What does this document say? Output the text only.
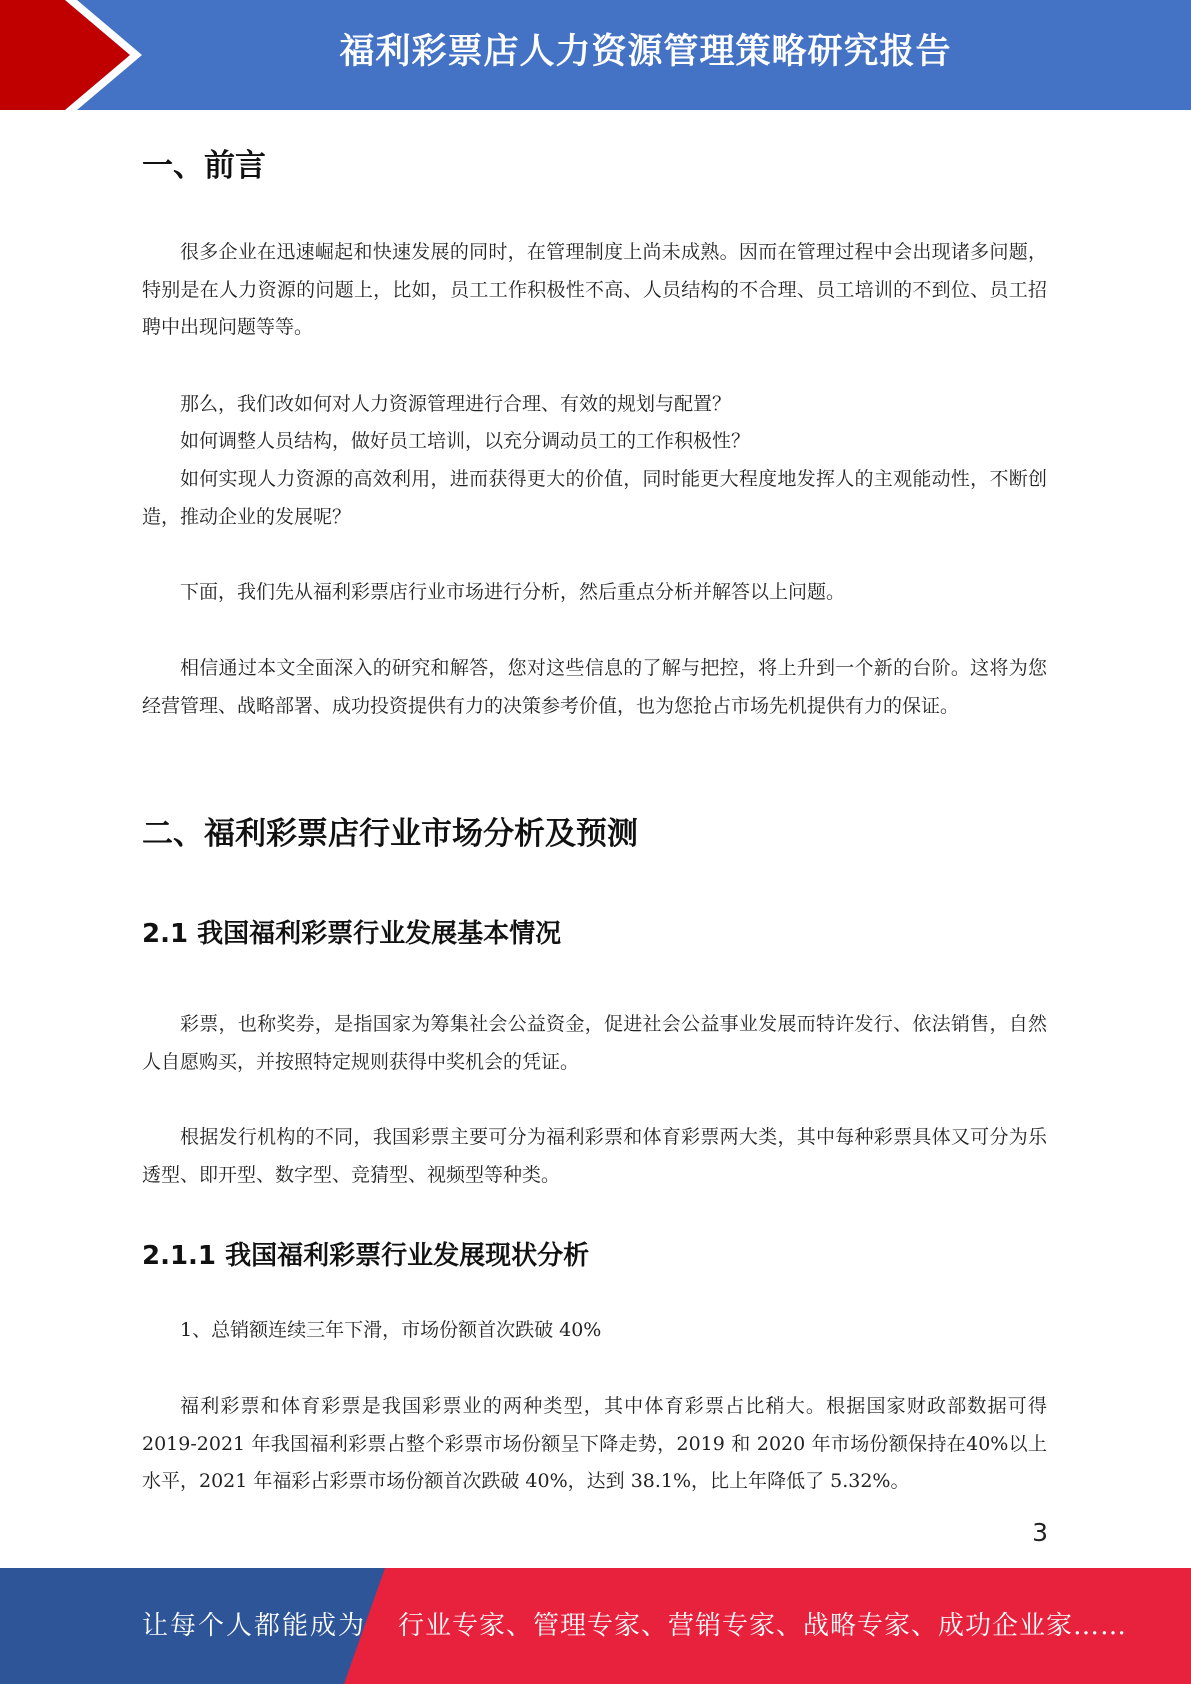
福利彩票店人力资源管理策略研究报告
一、前言

很多企业在迅速崛起和快速发展的同时，在管理制度上尚未成熟。因而在管理过程中会出现诸多问题，特别是在人力资源的问题上，比如，员工工作积极性不高、人员结构的不合理、员工培训的不到位、员工招聘中出现问题等等。

那么，我们改如何对人力资源管理进行合理、有效的规划与配置？

如何调整人员结构，做好员工培训，以充分调动员工的工作积极性？

如何实现人力资源的高效利用，进而获得更大的价值，同时能更大程度地发挥人的主观能动性，不断创造，推动企业的发展呢？

下面，我们先从福利彩票店行业市场进行分析，然后重点分析并解答以上问题。

相信通过本文全面深入的研究和解答，您对这些信息的了解与把控，将上升到一个新的台阶。这将为您经营管理、战略部署、成功投资提供有力的决策参考价值，也为您抢占市场先机提供有力的保证。

二、福利彩票店行业市场分析及预测
2.1 我国福利彩票行业发展基本情况

彩票，也称奖券，是指国家为筹集社会公益资金，促进社会公益事业发展而特许发行、依法销售，自然人自愿购买，并按照特定规则获得中奖机会的凭证。

根据发行机构的不同，我国彩票主要可分为福利彩票和体育彩票两大类，其中每种彩票具体又可分为乐透型、即开型、数字型、竞猜型、视频型等种类。

2.1.1 我国福利彩票行业发展现状分析

1、总销额连续三年下滑，市场份额首次跌破 40%

福利彩票和体育彩票是我国彩票业的两种类型，其中体育彩票占比稍大。根据国家财政部数据可得 2019-2021 年我国福利彩票占整个彩票市场份额呈下降走势，2019 和 2020 年市场份额保持在40%以上水平，2021 年福彩占彩票市场份额首次跌破 40%，达到 38.1%，比上年降低了 5.32%。

3
让每个人都能成为 行业专家、管理专家、营销专家、战略专家、成功企业家……
